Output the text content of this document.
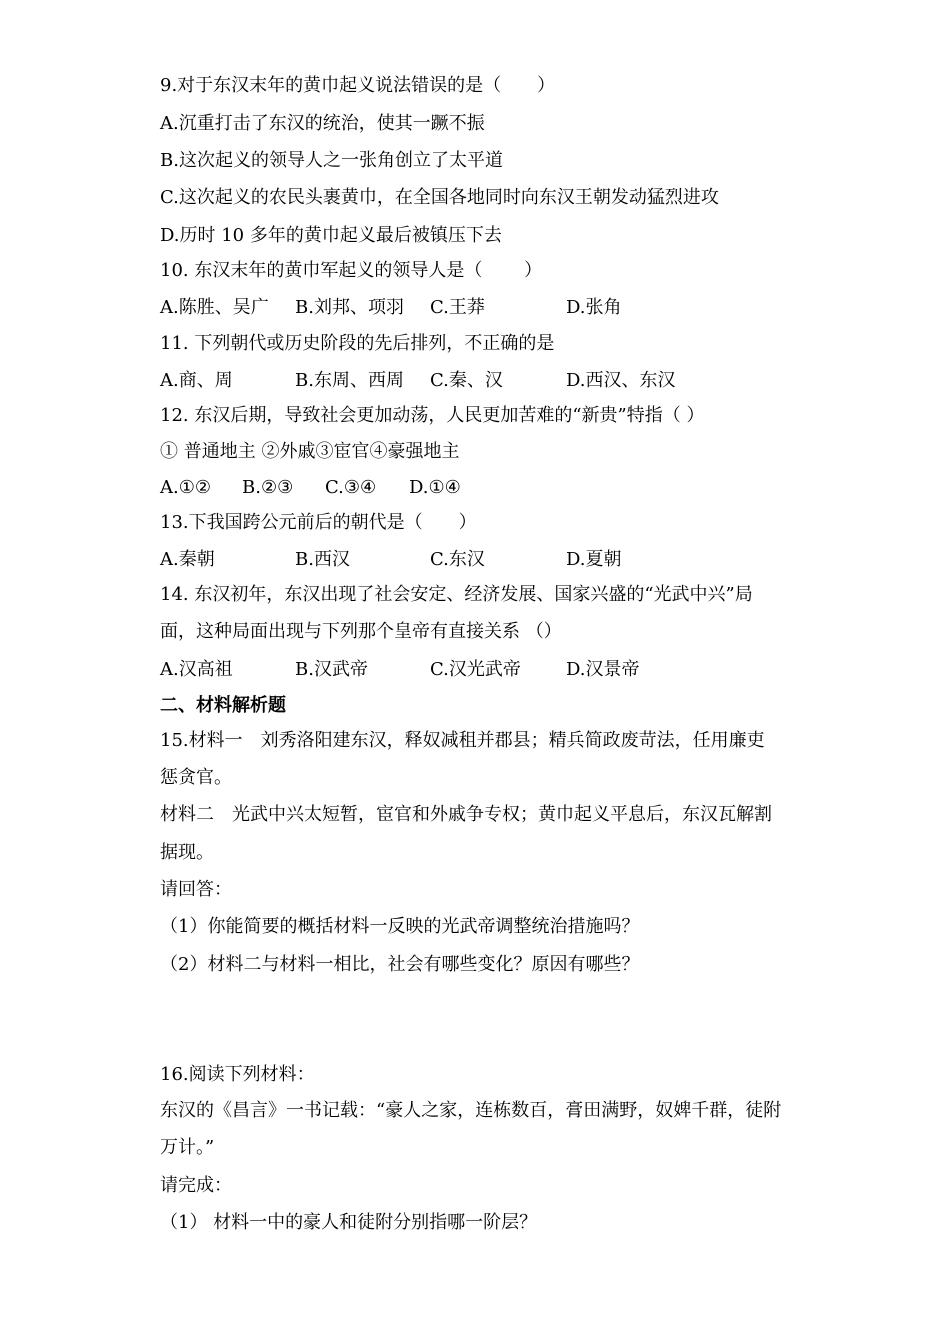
9.对于东汉末年的黄巾起义说法错误的是（　　）
A.沉重打击了东汉的统治，使其一蹶不振
B.这次起义的领导人之一张角创立了太平道
C.这次起义的农民头裹黄巾，在全国各地同时向东汉王朝发动猛烈进攻
D.历时 10 多年的黄巾起义最后被镇压下去
10. 东汉末年的黄巾军起义的领导人是（　　 ）
A.陈胜、吴广 B.刘邦、项羽 C.王莽	D.张角
11. 下列朝代或历史阶段的先后排列，不正确的是
A.商、周	B.东周、西周 C.秦、汉	D.西汉、东汉
12. 东汉后期，导致社会更加动荡，人民更加苦难的“新贵”特指（ ）
① 普通地主 ②外戚③宦官④豪强地主
A.①② B.②③ C.③④ D.①④
13.下我国跨公元前后的朝代是（　　）
A.秦朝	B.西汉	C.东汉	D.夏朝
14. 东汉初年，东汉出现了社会安定、经济发展、国家兴盛的“光武中兴”局
面，这种局面出现与下列那个皇帝有直接关系 （）
A.汉高祖	B.汉武帝	C.汉光武帝	D.汉景帝
二、材料解析题
15.材料一　刘秀洛阳建东汉，释奴减租并郡县；精兵简政废苛法，任用廉吏
惩贪官。
材料二　光武中兴太短暂，宦官和外戚争专权；黄巾起义平息后，东汉瓦解割
据现。
请回答：
（1）你能简要的概括材料一反映的光武帝调整统治措施吗？
（2）材料二与材料一相比，社会有哪些变化？原因有哪些？
16.阅读下列材料：
东汉的《昌言》一书记载：“豪人之家，连栋数百，膏田满野，奴婢千群，徒附
万计。”
请完成：
（1） 材料一中的豪人和徒附分别指哪一阶层？
